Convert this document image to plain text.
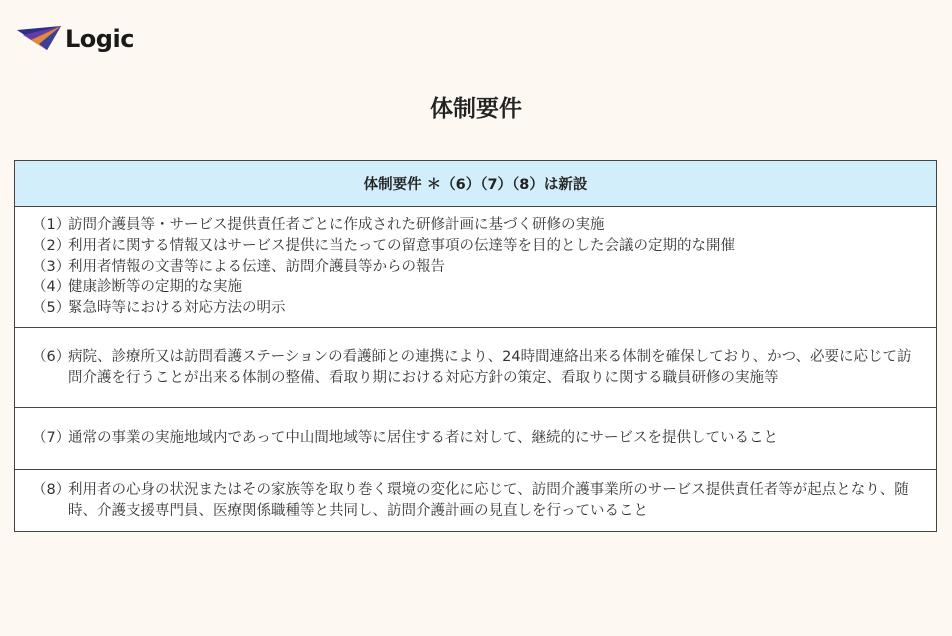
Logic
体制要件
体制要件 ＊（6）（7）（8）は新設

（1）
訪問介護員等・サービス提供責任者ごとに作成された研修計画に基づく研修の実施
（2）
利用者に関する情報又はサービス提供に当たっての留意事項の伝達等を目的とした会議の定期的な開催
（3）
利用者情報の文書等による伝達、訪問介護員等からの報告
（4）
健康診断等の定期的な実施
（5）
緊急時等における対応方法の明示

（6）
病院、診療所又は訪問看護ステーションの看護師との連携により、24時間連絡出来る体制を確保しており、かつ、必要に応じて訪問介護を行うことが出来る体制の整備、看取り期における対応方針の策定、看取りに関する職員研修の実施等

（7）
通常の事業の実施地域内であって中山間地域等に居住する者に対して、継続的にサービスを提供していること

（8）
利用者の心身の状況またはその家族等を取り巻く環境の変化に応じて、訪問介護事業所のサービス提供責任者等が起点となり、随時、介護支援専門員、医療関係職種等と共同し、訪問介護計画の見直しを行っていること
